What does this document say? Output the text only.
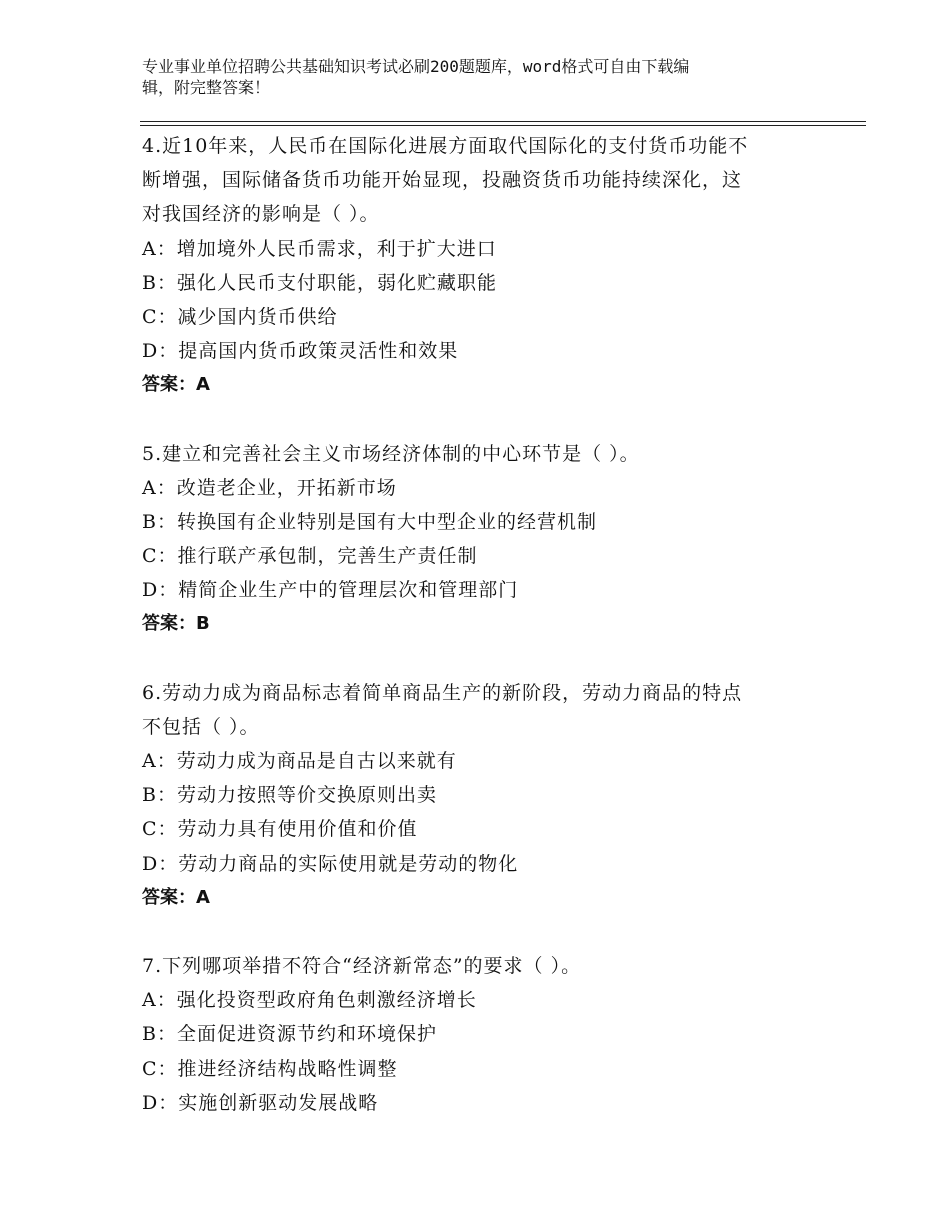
专业事业单位招聘公共基础知识考试必刷200题题库，word格式可自由下载编
辑，附完整答案！
4.近10年来，人民币在国际化进展方面取代国际化的支付货币功能不
断增强，国际储备货币功能开始显现，投融资货币功能持续深化，这
对我国经济的影响是（ ）。
A：增加境外人民币需求，利于扩大进口
B：强化人民币支付职能，弱化贮藏职能
C：减少国内货币供给
D：提高国内货币政策灵活性和效果
答案：A
5.建立和完善社会主义市场经济体制的中心环节是（ ）。
A：改造老企业，开拓新市场
B：转换国有企业特别是国有大中型企业的经营机制
C：推行联产承包制，完善生产责任制
D：精简企业生产中的管理层次和管理部门
答案：B
6.劳动力成为商品标志着简单商品生产的新阶段，劳动力商品的特点
不包括（ ）。
A：劳动力成为商品是自古以来就有
B：劳动力按照等价交换原则出卖
C：劳动力具有使用价值和价值
D：劳动力商品的实际使用就是劳动的物化
答案：A
7.下列哪项举措不符合“经济新常态”的要求（ ）。
A：强化投资型政府角色刺激经济增长
B：全面促进资源节约和环境保护
C：推进经济结构战略性调整
D：实施创新驱动发展战略
